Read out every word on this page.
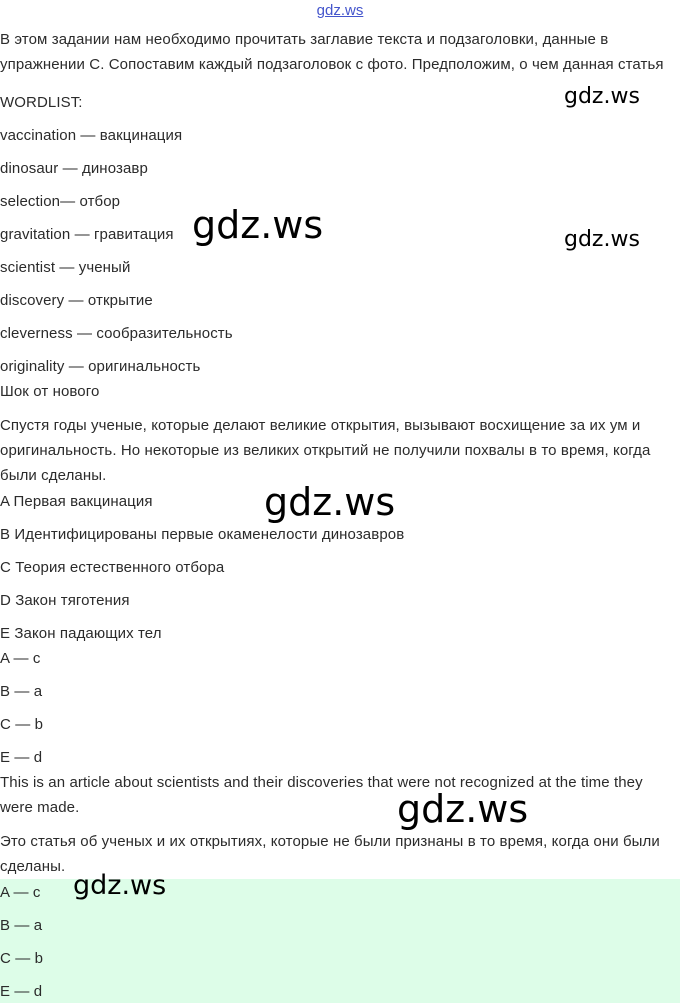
gdz.ws
В этом задании нам необходимо прочитать заглавие текста и подзаголовки, данные в упражнении С. Сопоставим каждый подзаголовок с фото. Предположим, о чем данная статья
WORDLIST:
vaccination — вакцинация
dinosaur — динозавр
selection— отбор
gravitation — гравитация
scientist — ученый
discovery — открытие
cleverness — сообразительность
originality — оригинальность
Шок от нового
Спустя годы ученые, которые делают великие открытия, вызывают восхищение за их ум и оригинальность. Но некоторые из великих открытий не получили похвалы в то время, когда были сделаны.
A Первая вакцинация
B Идентифицированы первые окаменелости динозавров
C Теория естественного отбора
D Закон тяготения
E Закон падающих тел
A — c
B — a
C — b
E — d
This is an article about scientists and their discoveries that were not recognized at the time they were made.
Это статья об ученых и их открытиях, которые не были признаны в то время, когда они были сделаны.
A — c
B — a
C — b
E — d
gdz.ws
gdz.ws	gdz.ws
gdz.ws
gdz.ws
gdz.ws
